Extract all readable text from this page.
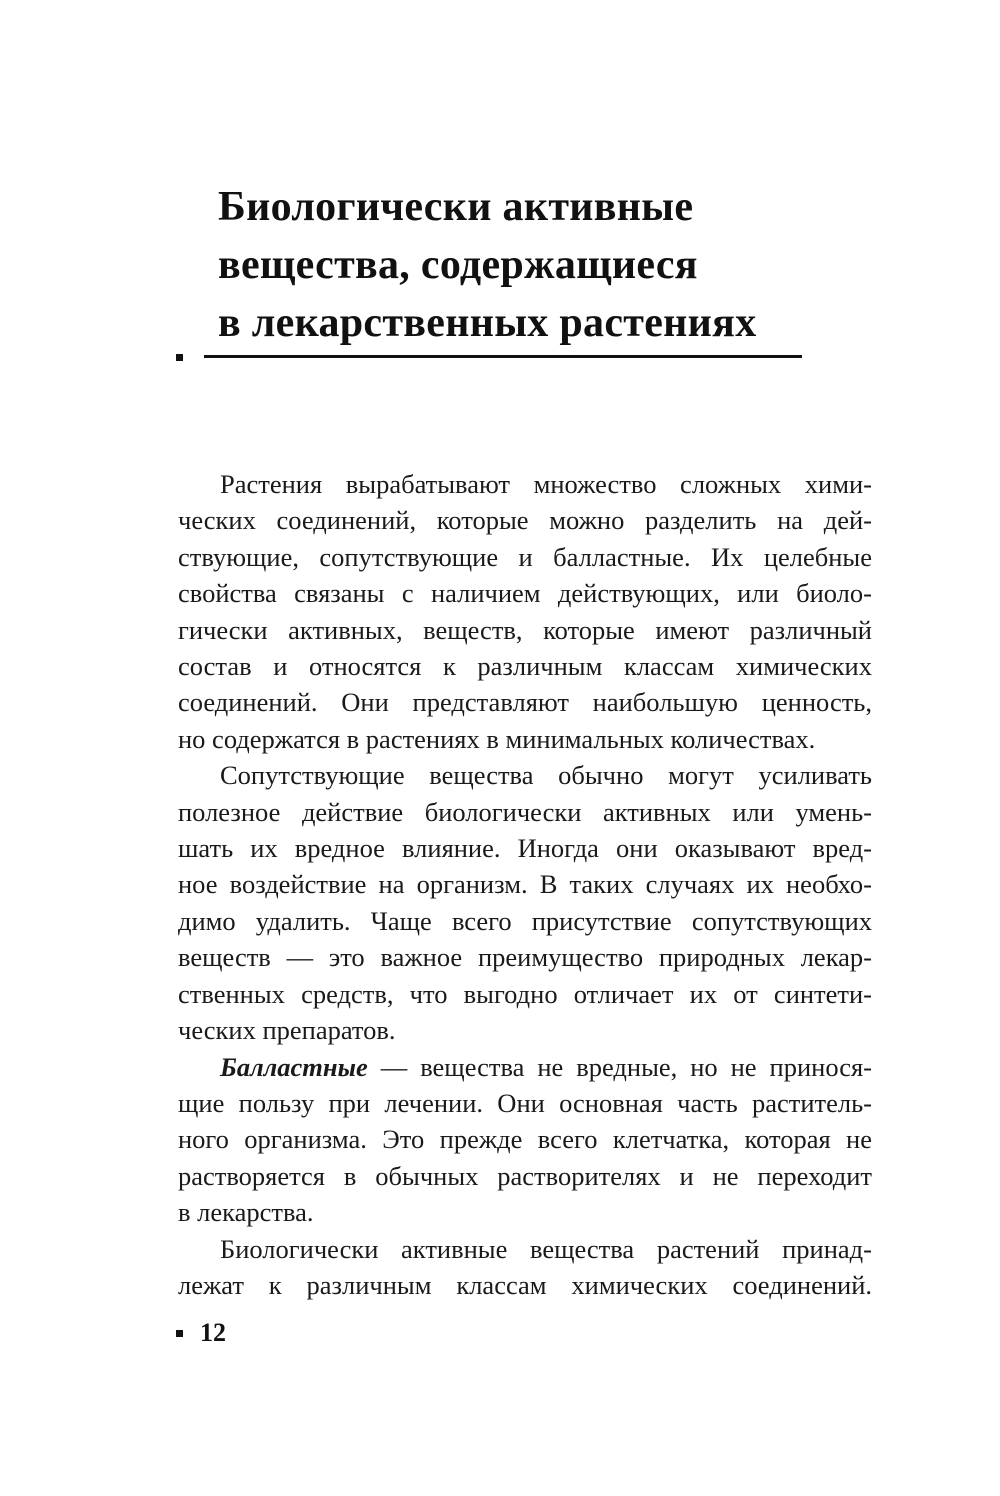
Биологически активные
вещества, содержащиеся
в лекарственных растениях
Растения вырабатывают множество сложных хими-
ческих соединений, которые можно разделить на дей-
ствующие, сопутствующие и балластные. Их целебные
свойства связаны с наличием действующих, или биоло-
гически активных, веществ, которые имеют различный
состав и относятся к различным классам химических
соединений. Они представляют наибольшую ценность,
но содержатся в растениях в минимальных количествах.
Сопутствующие вещества обычно могут усиливать
полезное действие биологически активных или умень-
шать их вредное влияние. Иногда они оказывают вред-
ное воздействие на организм. В таких случаях их необхо-
димо удалить. Чаще всего присутствие сопутствующих
веществ — это важное преимущество природных лекар-
ственных средств, что выгодно отличает их от синтети-
ческих препаратов.
Балластные — вещества не вредные, но не принося-
щие пользу при лечении. Они основная часть раститель-
ного организма. Это прежде всего клетчатка, которая не
растворяется в обычных растворителях и не переходит
в лекарства.
Биологически активные вещества растений принад-
лежат к различным классам химических соединений.
12
